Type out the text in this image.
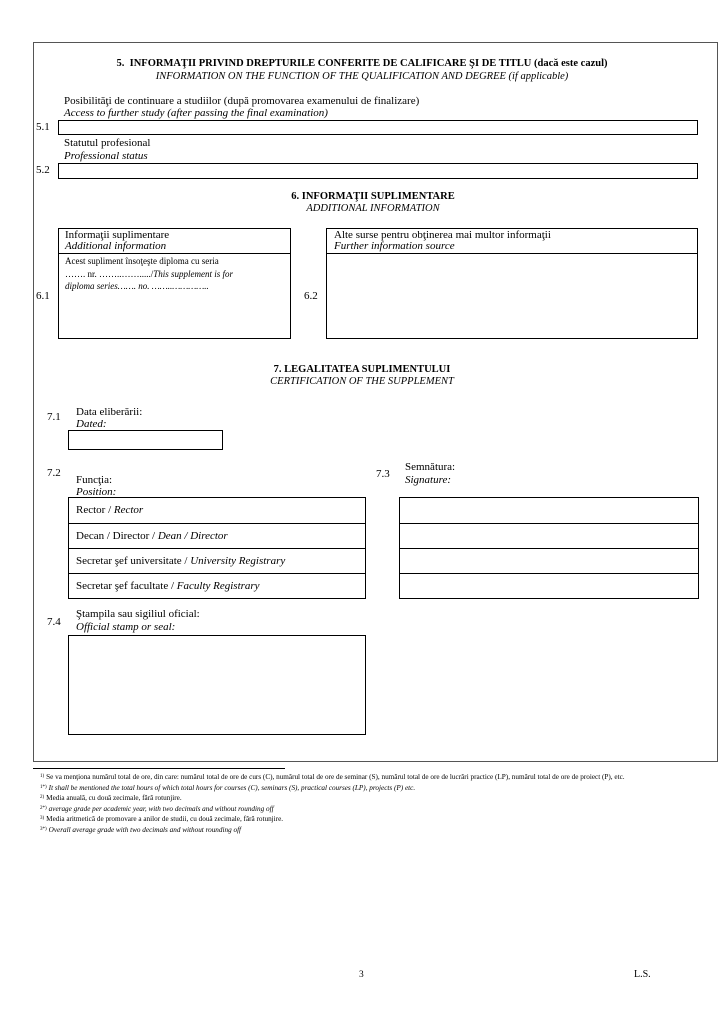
5.  INFORMAŢII PRIVIND DREPTURILE CONFERITE DE CALIFICARE ŞI DE TITLU (dacă este cazul)
INFORMATION ON THE FUNCTION OF THE QUALIFICATION AND DEGREE (if applicable)
Posibilităţi de continuare a studiilor (după promovarea examenului de finalizare)
Access to further study (after passing the final examination)
5.1
Statutul profesional
Professional status
5.2
6. INFORMAŢII SUPLIMENTARE
ADDITIONAL INFORMATION
Informaţii suplimentare
Additional information
Acest supliment însoţeşte diploma cu seria
……. nr. ……..……...../This supplement is for
diploma series……. no. ……..…………..
6.1	6.2
Alte surse pentru obţinerea mai multor informaţii
Further information source
7. LEGALITATEA SUPLIMENTULUI
CERTIFICATION OF THE SUPPLEMENT
7.1 Data eliberării:
Dated:
7.2
Funcţia:
Position:
7.3
Semnătura:
Signature:
Rector / Rector
Decan / Director / Dean / Director
Secretar şef universitate / University Registrary
Secretar şef facultate / Faculty Registrary
7.4
Ştampila sau sigiliul oficial:
Official stamp or seal:
$^{1)}$ Se va menţiona numărul total de ore, din care: numărul total de ore de curs (C), numărul total de ore de seminar (S), numărul total de ore de lucrări practice (LP), numărul total de ore de proiect (P), etc.
$^{1*)}$ It shall be mentioned the total hours of which total hours for courses (C), seminars (S), practical courses (LP), projects (P) etc.
$^{2)}$ Media anuală, cu două zecimale, fără rotunjire.
$^{2*)}$ average grade per academic year, with two decimals and without rounding off
$^{3)}$ Media aritmetică de promovare a anilor de studii, cu două zecimale, fără rotunjire.
$^{3*)}$ Overall average grade with two decimals and without rounding off
3	L.S.
